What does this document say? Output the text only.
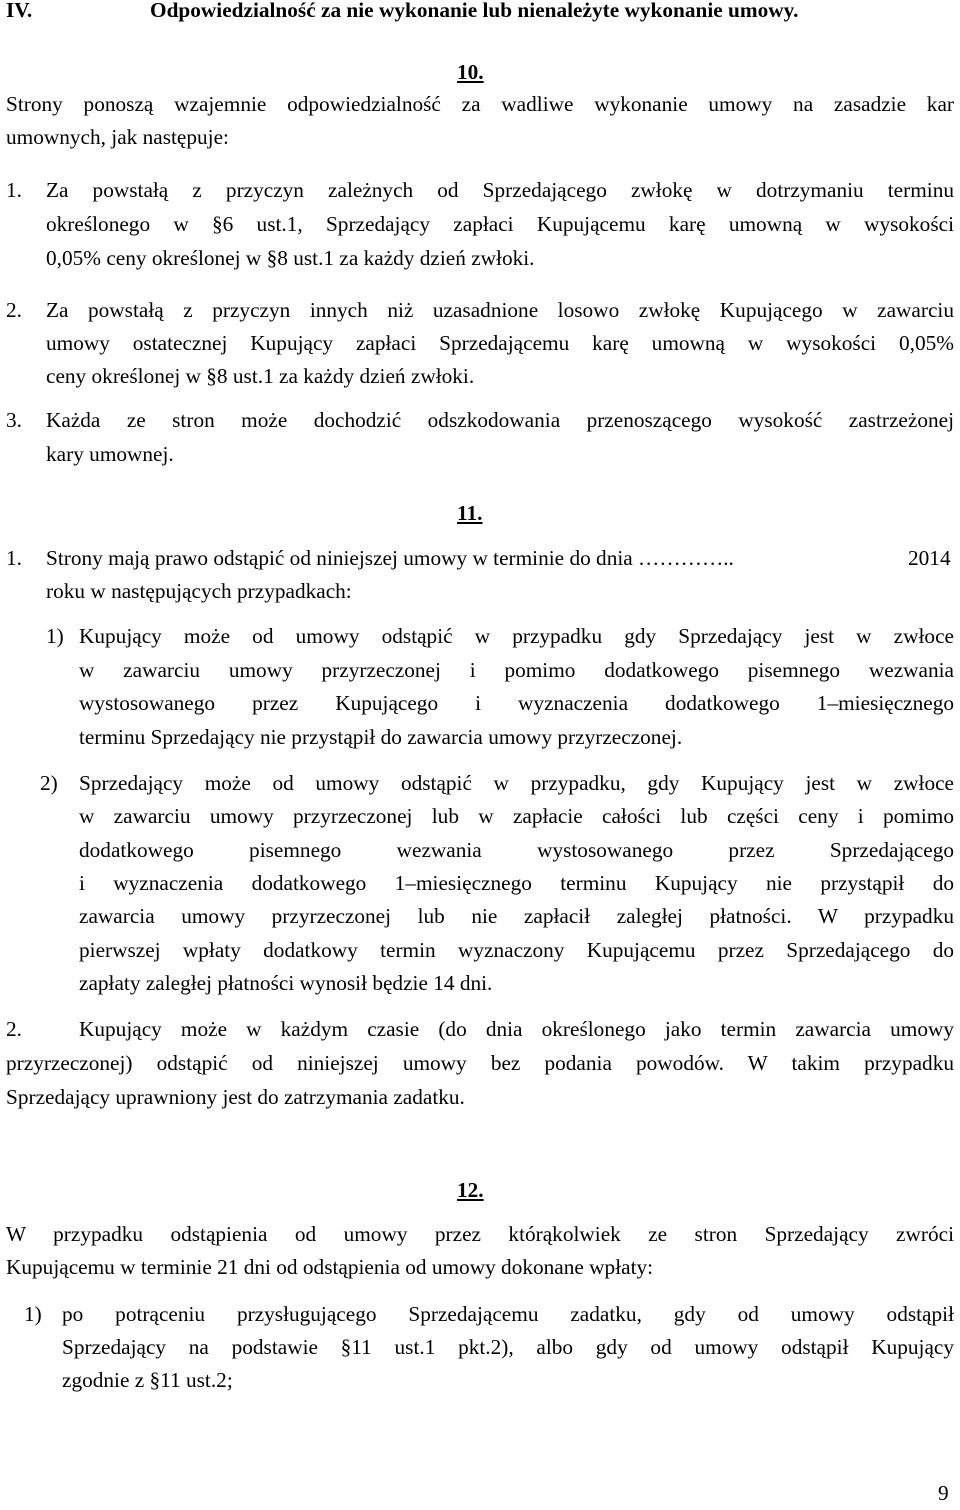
IV.	Odpowiedzialność za nie wykonanie lub nienależyte wykonanie umowy.
10.
Strony ponoszą wzajemnie odpowiedzialność za wadliwe wykonanie umowy na zasadzie kar
umownych, jak następuje:
1. Za powstałą z przyczyn zależnych od Sprzedającego zwłokę w dotrzymaniu terminu
określonego w §6 ust.1, Sprzedający zapłaci Kupującemu karę umowną w wysokości
0,05% ceny określonej w §8 ust.1 za każdy dzień zwłoki.
2. Za powstałą z przyczyn innych niż uzasadnione losowo zwłokę Kupującego w zawarciu
umowy ostatecznej Kupujący zapłaci Sprzedającemu karę umowną w wysokości 0,05%
ceny określonej w §8 ust.1 za każdy dzień zwłoki.
3. Każda ze stron może dochodzić odszkodowania przenoszącego wysokość zastrzeżonej
kary umownej.
11.
1. Strony mają prawo odstąpić od niniejszej umowy w terminie do dnia …………..	2014
roku w następujących przypadkach:
1) Kupujący może od umowy odstąpić w przypadku gdy Sprzedający jest w zwłoce
w zawarciu umowy przyrzeczonej i pomimo dodatkowego pisemnego wezwania
wystosowanego przez Kupującego i wyznaczenia dodatkowego 1–miesięcznego
terminu Sprzedający nie przystąpił do zawarcia umowy przyrzeczonej.
2) Sprzedający może od umowy odstąpić w przypadku, gdy Kupujący jest w zwłoce
w zawarciu umowy przyrzeczonej lub w zapłacie całości lub części ceny i pomimo
dodatkowego pisemnego wezwania wystosowanego przez Sprzedającego
i wyznaczenia dodatkowego 1–miesięcznego terminu Kupujący nie przystąpił do
zawarcia umowy przyrzeczonej lub nie zapłacił zaległej płatności. W przypadku
pierwszej wpłaty dodatkowy termin wyznaczony Kupującemu przez Sprzedającego do
zapłaty zaległej płatności wynosił będzie 14 dni.
2.	Kupujący może w każdym czasie (do dnia określonego jako termin zawarcia umowy
przyrzeczonej) odstąpić od niniejszej umowy bez podania powodów. W takim przypadku
Sprzedający uprawniony jest do zatrzymania zadatku.
12.
W przypadku odstąpienia od umowy przez którąkolwiek ze stron Sprzedający zwróci
Kupującemu w terminie 21 dni od odstąpienia od umowy dokonane wpłaty:
1) po potrąceniu przysługującego Sprzedającemu zadatku, gdy od umowy odstąpił
Sprzedający na podstawie §11 ust.1 pkt.2), albo gdy od umowy odstąpił Kupujący
zgodnie z §11 ust.2;
9
